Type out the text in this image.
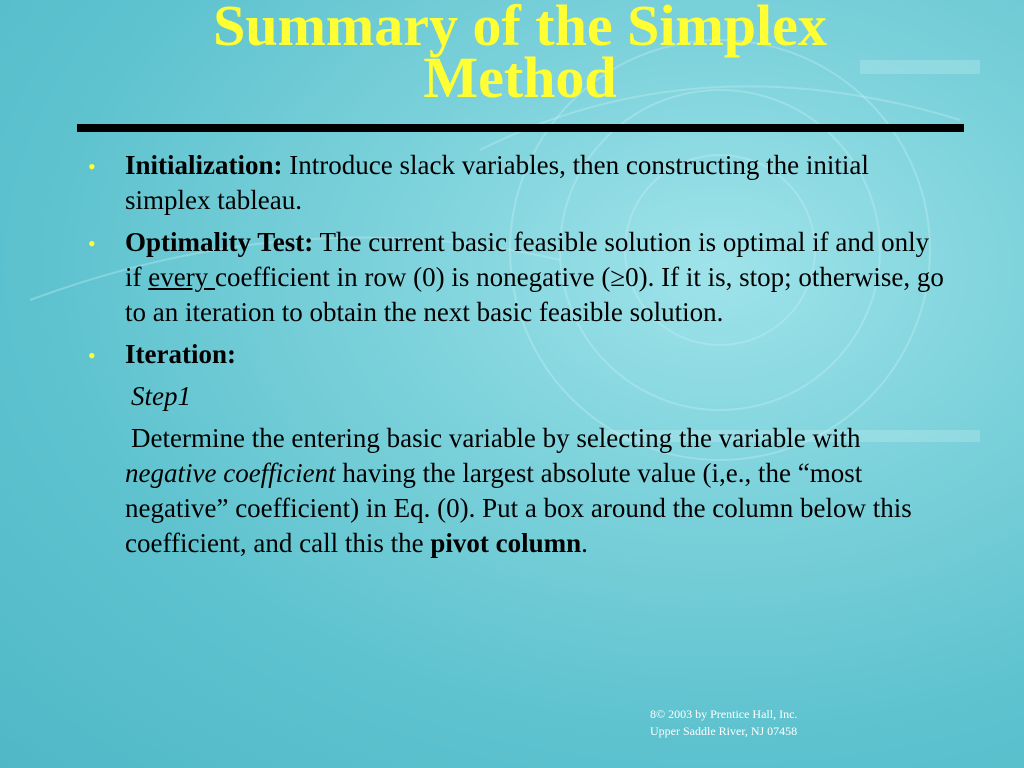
Summary of the Simplex
Method
• Initialization: Introduce slack variables, then constructing the initial simplex tableau.
• Optimality Test: The current basic feasible solution is optimal if and only if every coefficient in row (0) is nonegative (≥0). If it is, stop; otherwise, go to an iteration to obtain the next basic feasible solution.
• Iteration:
Step1
Determine the entering basic variable by selecting the variable with negative coefficient having the largest absolute value (i,e., the “most negative” coefficient) in Eq. (0). Put a box around the column below this coefficient, and call this the pivot column.
8© 2003 by Prentice Hall, Inc.
Upper Saddle River, NJ 07458
